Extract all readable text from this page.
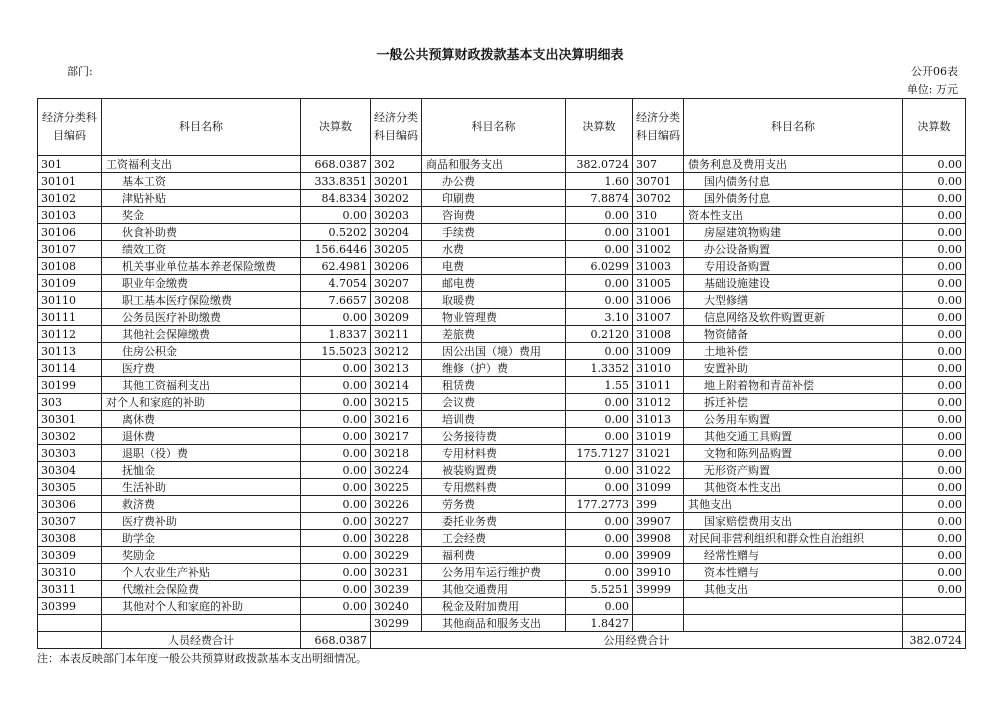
一般公共预算财政拨款基本支出决算明细表
部门:	公开06表
单位: 万元
经济分类科目编码	科目名称	决算数	经济分类科目编码	科目名称	决算数	经济分类科目编码	科目名称	决算数
301	工资福利支出	668.0387	302	商品和服务支出	382.0724	307	债务利息及费用支出	0.00
30101	基本工资	333.8351	30201	办公费	1.60	30701	国内债务付息	0.00
30102	津贴补贴	84.8334	30202	印刷费	7.8874	30702	国外债务付息	0.00
30103	奖金	0.00	30203	咨询费	0.00	310	资本性支出	0.00
30106	伙食补助费	0.5202	30204	手续费	0.00	31001	房屋建筑物购建	0.00
30107	绩效工资	156.6446	30205	水费	0.00	31002	办公设备购置	0.00
30108	机关事业单位基本养老保险缴费	62.4981	30206	电费	6.0299	31003	专用设备购置	0.00
30109	职业年金缴费	4.7054	30207	邮电费	0.00	31005	基础设施建设	0.00
30110	职工基本医疗保险缴费	7.6657	30208	取暖费	0.00	31006	大型修缮	0.00
30111	公务员医疗补助缴费	0.00	30209	物业管理费	3.10	31007	信息网络及软件购置更新	0.00
30112	其他社会保障缴费	1.8337	30211	差旅费	0.2120	31008	物资储备	0.00
30113	住房公积金	15.5023	30212	因公出国（境）费用	0.00	31009	土地补偿	0.00
30114	医疗费	0.00	30213	维修（护）费	1.3352	31010	安置补助	0.00
30199	其他工资福利支出	0.00	30214	租赁费	1.55	31011	地上附着物和青苗补偿	0.00
303	对个人和家庭的补助	0.00	30215	会议费	0.00	31012	拆迁补偿	0.00
30301	离休费	0.00	30216	培训费	0.00	31013	公务用车购置	0.00
30302	退休费	0.00	30217	公务接待费	0.00	31019	其他交通工具购置	0.00
30303	退职（役）费	0.00	30218	专用材料费	175.7127	31021	文物和陈列品购置	0.00
30304	抚恤金	0.00	30224	被装购置费	0.00	31022	无形资产购置	0.00
30305	生活补助	0.00	30225	专用燃料费	0.00	31099	其他资本性支出	0.00
30306	救济费	0.00	30226	劳务费	177.2773	399	其他支出	0.00
30307	医疗费补助	0.00	30227	委托业务费	0.00	39907	国家赔偿费用支出	0.00
30308	助学金	0.00	30228	工会经费	0.00	39908	对民间非营利组织和群众性自治组织	0.00
30309	奖励金	0.00	30229	福利费	0.00	39909	经常性赠与	0.00
30310	个人农业生产补贴	0.00	30231	公务用车运行维护费	0.00	39910	资本性赠与	0.00
30311	代缴社会保险费	0.00	30239	其他交通费用	5.5251	39999	其他支出	0.00
30399	其他对个人和家庭的补助	0.00	30240	税金及附加费用	0.00			
			30299	其他商品和服务支出	1.8427			
	人员经费合计	668.0387	公用经费合计					382.0724
注：本表反映部门本年度一般公共预算财政拨款基本支出明细情况。
